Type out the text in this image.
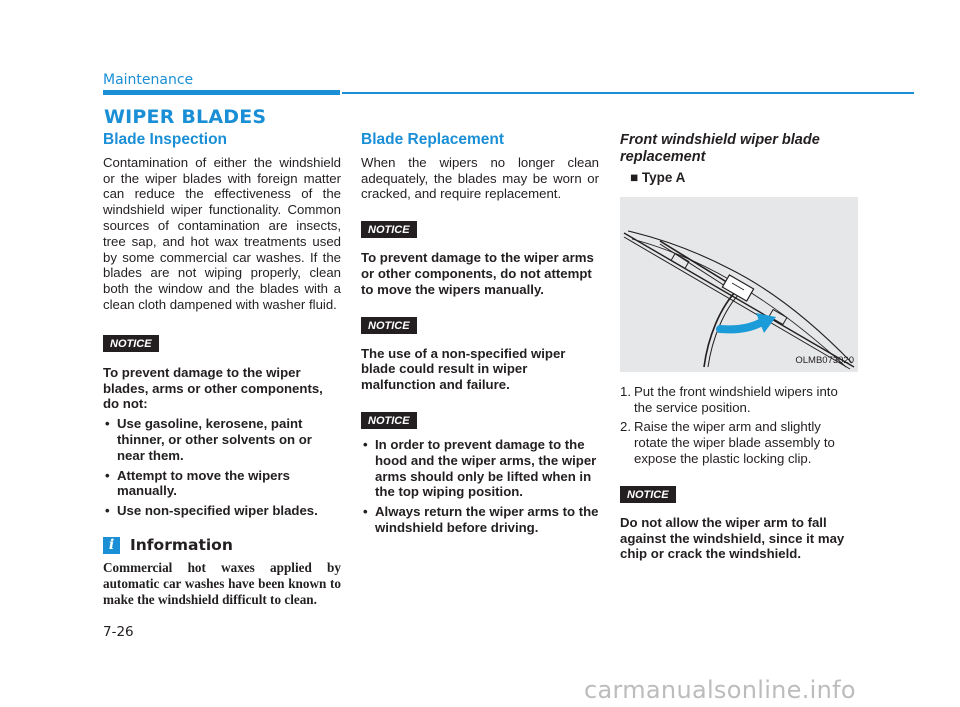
Maintenance
WIPER BLADES
Blade Inspection

Contamination of either the windshield or the wiper blades with foreign matter can reduce the effectiveness of the windshield wiper functionality. Common sources of contamination are insects, tree sap, and hot wax treatments used by some commercial car washes. If the blades are not wiping properly, clean both the window and the blades with a clean cloth dampened with washer fluid.

NOTICE

To prevent damage to the wiper blades, arms or other components, do not:

• Use gasoline, kerosene, paint thinner, or other solvents on or near them.
• Attempt to move the wipers manually.
• Use non-specified wiper blades.
i	Information

Commercial hot waxes applied by automatic car washes have been known to make the windshield difficult to clean.

Blade Replacement

When the wipers no longer clean adequately, the blades may be worn or cracked, and require replacement.

NOTICE

To prevent damage to the wiper arms or other components, do not attempt to move the wipers manually.

NOTICE

The use of a non-specified wiper blade could result in wiper malfunction and failure.

NOTICE
• In order to prevent damage to the hood and the wiper arms, the wiper arms should only be lifted when in the top wiping position.
• Always return the wiper arms to the windshield before driving.
Front windshield wiper blade replacement
■ Type A
OLMB073020
1. Put the front windshield wipers into the service position.
2. Raise the wiper arm and slightly rotate the wiper blade assembly to expose the plastic locking clip.
NOTICE

Do not allow the wiper arm to fall against the windshield, since it may chip or crack the windshield.

7-26
carmanualsonline.info
